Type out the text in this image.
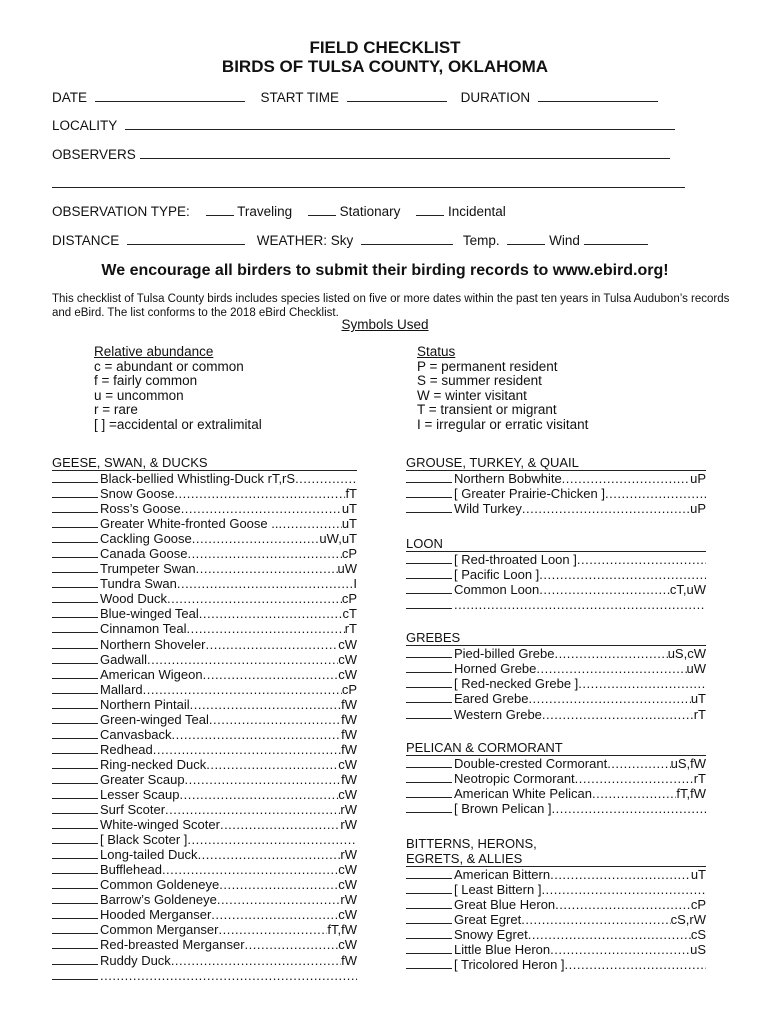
FIELD CHECKLIST
BIRDS OF TULSA COUNTY, OKLAHOMA
DATE	START TIME	DURATION
LOCALITY
OBSERVERS
OBSERVATION TYPE:	Traveling	Stationary	Incidental
DISTANCE	WEATHER: Sky	Temp.	Wind
We encourage all birders to submit their birding records to www.ebird.org!
This checklist of Tulsa County birds includes species listed on five or more dates within the past ten years in Tulsa Audubon’s records and eBird. The list conforms to the 2018 eBird Checklist.
Symbols Used
Relative abundance
c = abundant or common
f = fairly common
u = uncommon
r = rare
[ ] =accidental or extralimital
Status
P = permanent resident
S = summer resident
W = winter visitant
T = transient or migrant
I = irregular or erratic visitant
GEESE, SWAN, & DUCKS
Black-bellied Whistling-Duck rT,rS
.....
Snow Goose .....	fT
Ross’s Goose .....	uT
Greater White-fronted Goose .. .....	uT
Cackling Goose .....	uW,uT
Canada Goose .....	cP
Trumpeter Swan .....	uW
Tundra Swan .....	I
Wood Duck .....	cP
Blue-winged Teal .....	cT
Cinnamon Teal .....	rT
Northern Shoveler .....	cW
Gadwall .....	cW
American Wigeon .....	cW
Mallard .....	cP
Northern Pintail .....	fW
Green-winged Teal .....	fW
Canvasback .....	fW
Redhead .....	fW
Ring-necked Duck .....	cW
Greater Scaup .....	fW
Lesser Scaup .....	cW
Surf Scoter .....	rW
White-winged Scoter .....	rW
[ Black Scoter ]
.....
Long-tailed Duck .....	rW
Bufflehead .....	cW
Common Goldeneye .....	cW
Barrow’s Goldeneye .....	rW
Hooded Merganser .....	cW
Common Merganser .....	fT,fW
Red-breasted Merganser .....	cW
Ruddy Duck .....	fW
.....
GROUSE, TURKEY, & QUAIL
Northern Bobwhite .....	uP
[ Greater Prairie-Chicken ]
.....
Wild Turkey .....	uP
LOON
[ Red-throated Loon ]
.....
[ Pacific Loon ]
.....
Common Loon .....	cT,uW
.....
GREBES
Pied-billed Grebe .....	uS,cW
Horned Grebe .....	uW
[ Red-necked Grebe ]
.....
Eared Grebe .....	uT
Western Grebe .....	rT
PELICAN & CORMORANT
Double-crested Cormorant .....	uS,fW
Neotropic Cormorant .....	rT
American White Pelican .....	fT,fW
[ Brown Pelican ]
.....
BITTERNS, HERONS,
EGRETS, & ALLIES
American Bittern .....	uT
[ Least Bittern ]
.....
Great Blue Heron .....	cP
Great Egret .....	cS,rW
Snowy Egret .....	cS
Little Blue Heron .....	uS
[ Tricolored Heron ]
.....
